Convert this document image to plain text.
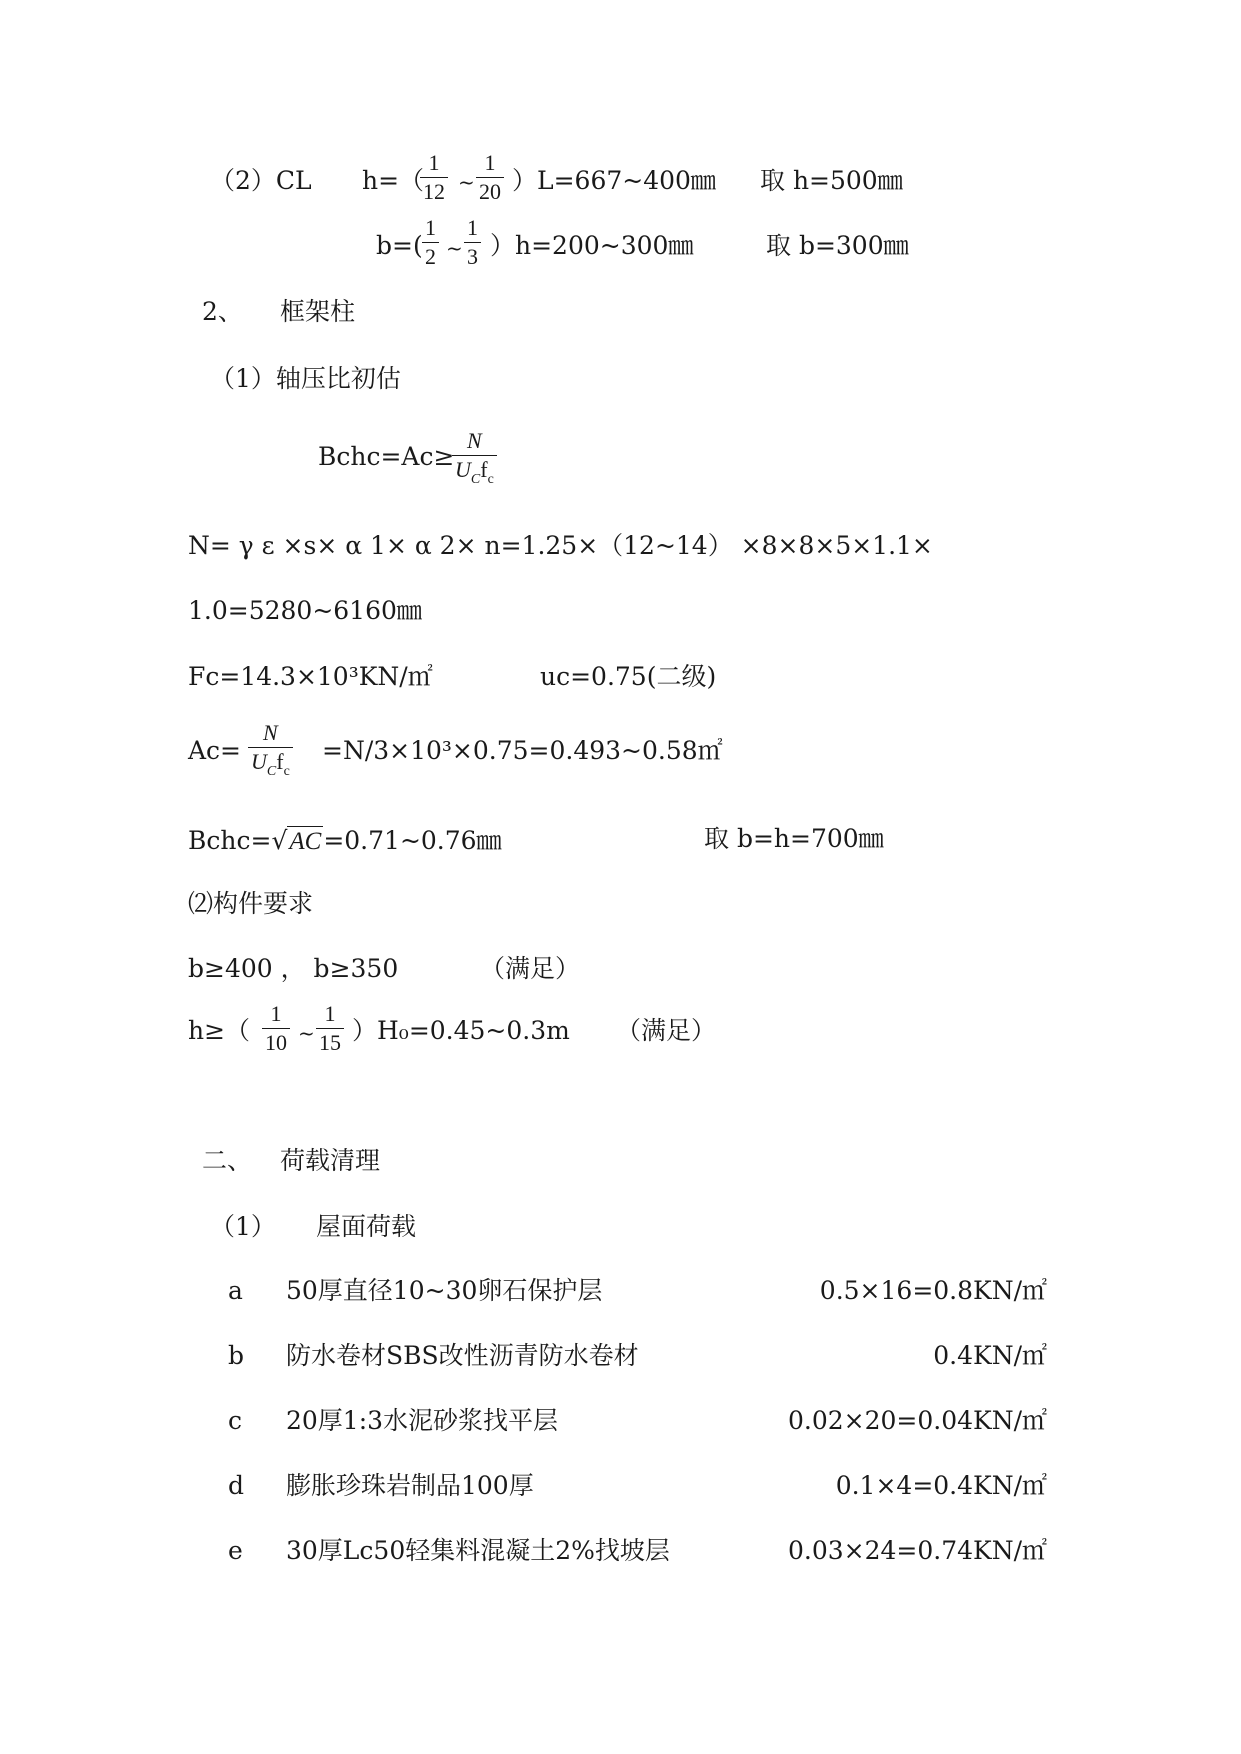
（2）CL h=（
1
12 ~
1
20 ）L=667~400㎜ 取 h=500㎜
b=(
1
2 ~
1
3 ）h=200~300㎜	取 b=300㎜
2、 框架柱
（1）轴压比初估
Bchc=Ac≥
N
$U_Cf_c$
N= γ ε ×s× α 1× α 2× n=1.25×（12~14） ×8×8×5×1.1×
1.0=5280~6160㎜
Fc=14.3×10³KN/㎡	uc=0.75(二级)
Ac=
N
$U_Cf_c$
=N/3×10³×0.75=0.493~0.58㎡
Bchc=√AC=0.71~0.76㎜	取 b=h=700㎜
⑵构件要求
b≥400 ， b≥350	（满足）
h≥（
1
10 ~
1
15 ）H₀=0.45~0.3m （满足）
二、 荷载清理
（1） 屋面荷载
a 50厚直径10~30卵石保护层	0.5×16=0.8KN/㎡
b 防水卷材SBS改性沥青防水卷材	0.4KN/㎡
c 20厚1:3水泥砂浆找平层	0.02×20=0.04KN/㎡
d 膨胀珍珠岩制品100厚	0.1×4=0.4KN/㎡
e 30厚Lc50轻集料混凝土2%找坡层	0.03×24=0.74KN/㎡
